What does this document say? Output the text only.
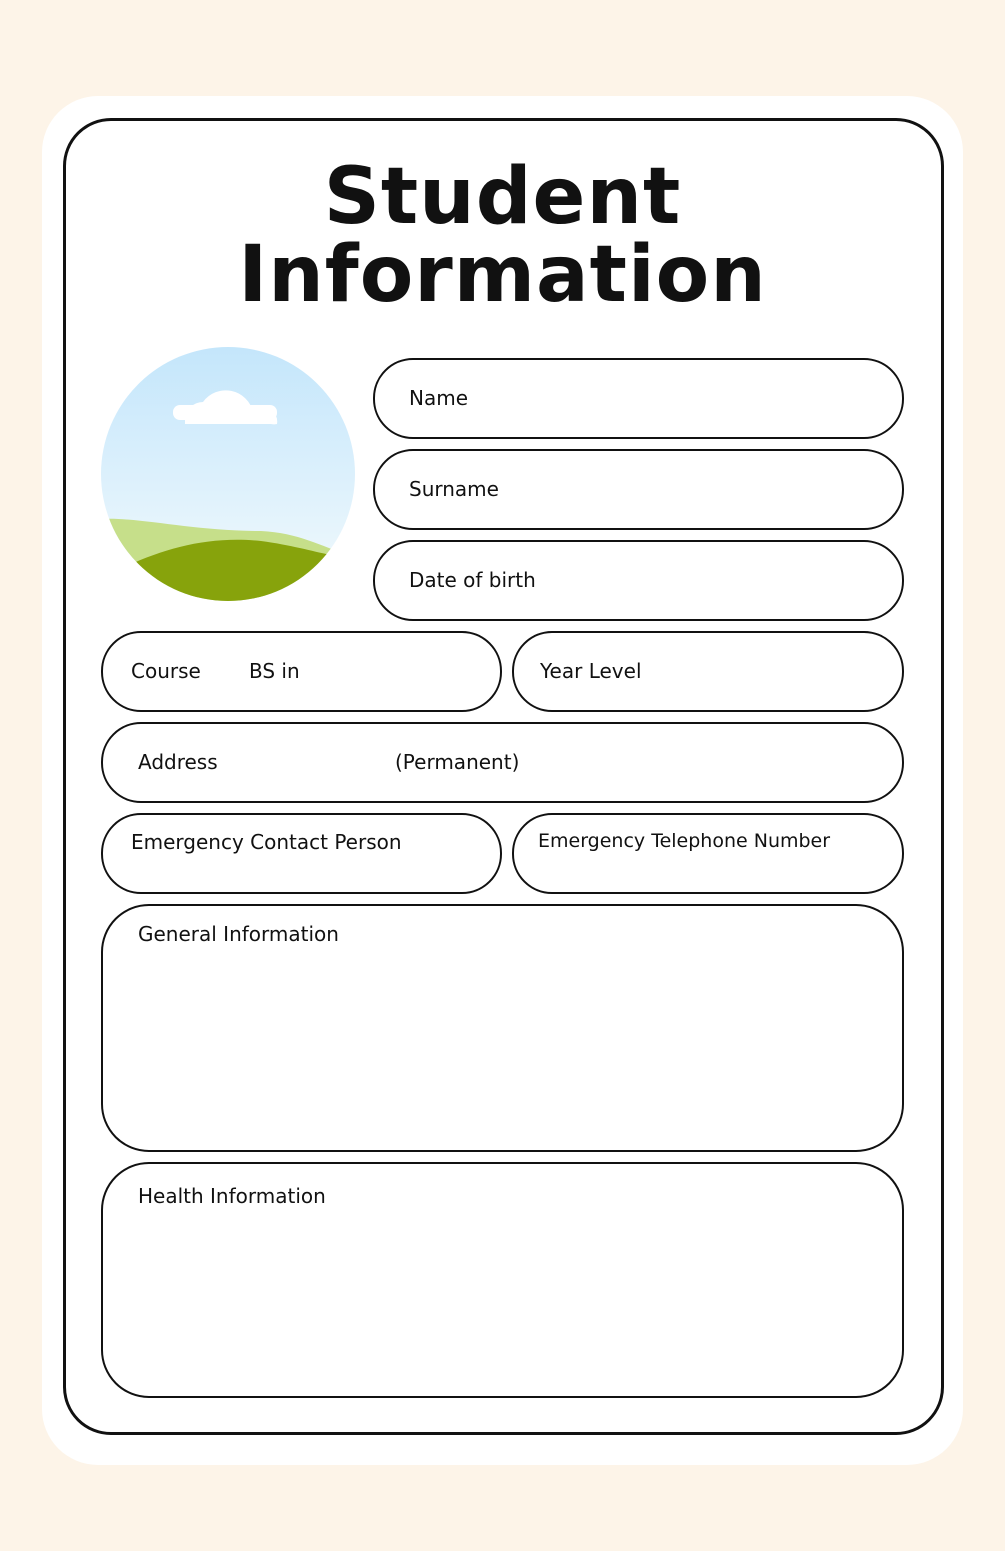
Student
Information
Name
Surname
Date of birth
Course BS in	Year Level
Address	(Permanent)
Emergency Contact Person	Emergency Telephone Number
General Information
Health Information
